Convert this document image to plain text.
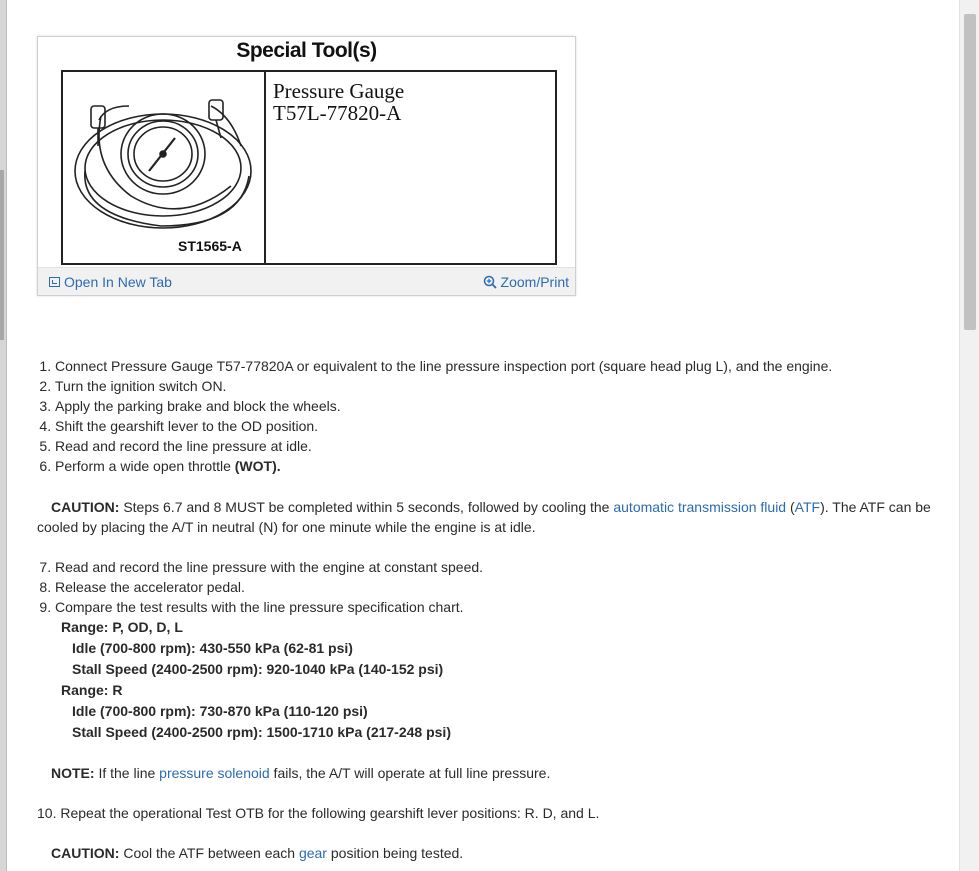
Special Tool(s)
ST1565-A
Pressure Gauge
T57L-77820-A
Open In New Tab	Zoom/Print
1. Connect Pressure Gauge T57-77820A or equivalent to the line pressure inspection port (square head plug L), and the engine.
2. Turn the ignition switch ON.
3. Apply the parking brake and block the wheels.
4. Shift the gearshift lever to the OD position.
5. Read and record the line pressure at idle.
6. Perform a wide open throttle (WOT).

CAUTION: Steps 6.7 and 8 MUST be completed within 5 seconds, followed by cooling the automatic transmission fluid (ATF). The ATF can be cooled by placing the A/T in neutral (N) for one minute while the engine is at idle.

7. Read and record the line pressure with the engine at constant speed.
8. Release the accelerator pedal.
9. Compare the test results with the line pressure specification chart.
Range: P, OD, D, L
Idle (700-800 rpm): 430-550 kPa (62-81 psi)
Stall Speed (2400-2500 rpm): 920-1040 kPa (140-152 psi)
Range: R
Idle (700-800 rpm): 730-870 kPa (110-120 psi)
Stall Speed (2400-2500 rpm): 1500-1710 kPa (217-248 psi)

NOTE: If the line pressure solenoid fails, the A/T will operate at full line pressure.

10. Repeat the operational Test OTB for the following gearshift lever positions: R. D, and L.

CAUTION: Cool the ATF between each gear position being tested.
